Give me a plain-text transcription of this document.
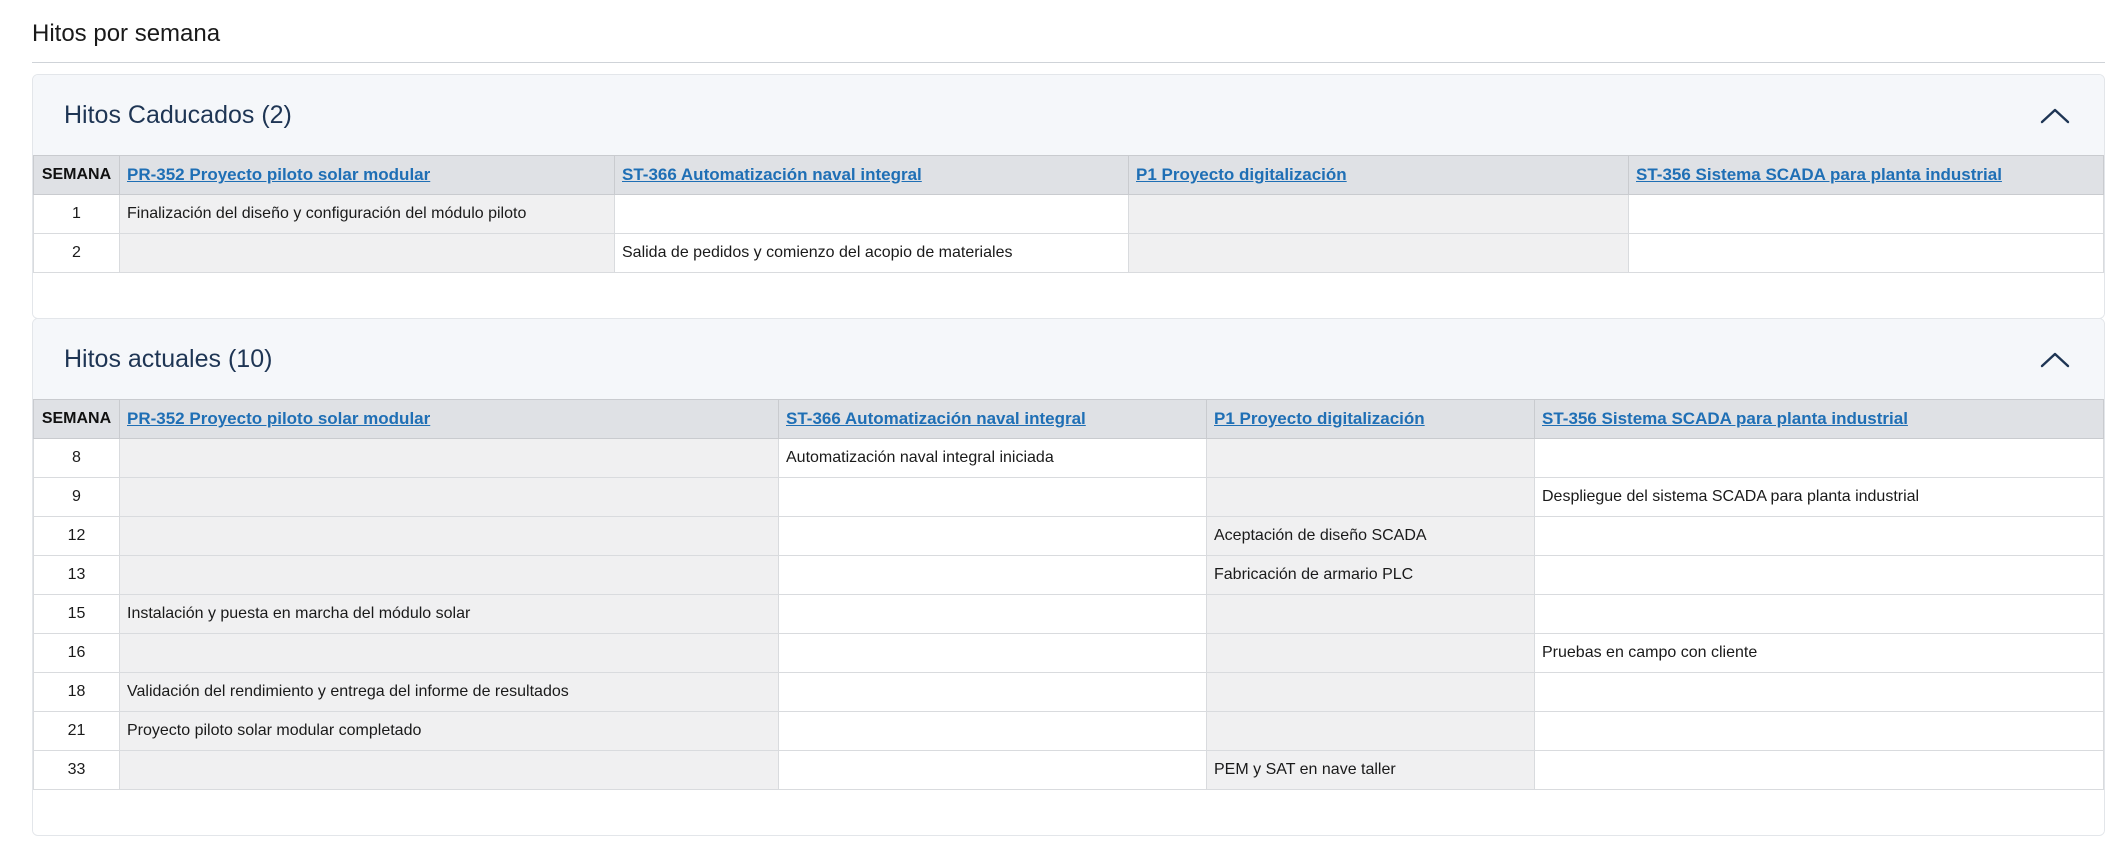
Hitos por semana
Hitos Caducados (2)
SEMANA	PR-352 Proyecto piloto solar modular	ST-366 Automatización naval integral	P1 Proyecto digitalización	ST-356 Sistema SCADA para planta industrial
1	Finalización del diseño y configuración del módulo piloto			
2		Salida de pedidos y comienzo del acopio de materiales		
Hitos actuales (10)
SEMANA	PR-352 Proyecto piloto solar modular	ST-366 Automatización naval integral	P1 Proyecto digitalización	ST-356 Sistema SCADA para planta industrial
8		Automatización naval integral iniciada		
9				Despliegue del sistema SCADA para planta industrial
12			Aceptación de diseño SCADA	
13			Fabricación de armario PLC	
15	Instalación y puesta en marcha del módulo solar			
16				Pruebas en campo con cliente
18	Validación del rendimiento y entrega del informe de resultados			
21	Proyecto piloto solar modular completado			
33			PEM y SAT en nave taller	
